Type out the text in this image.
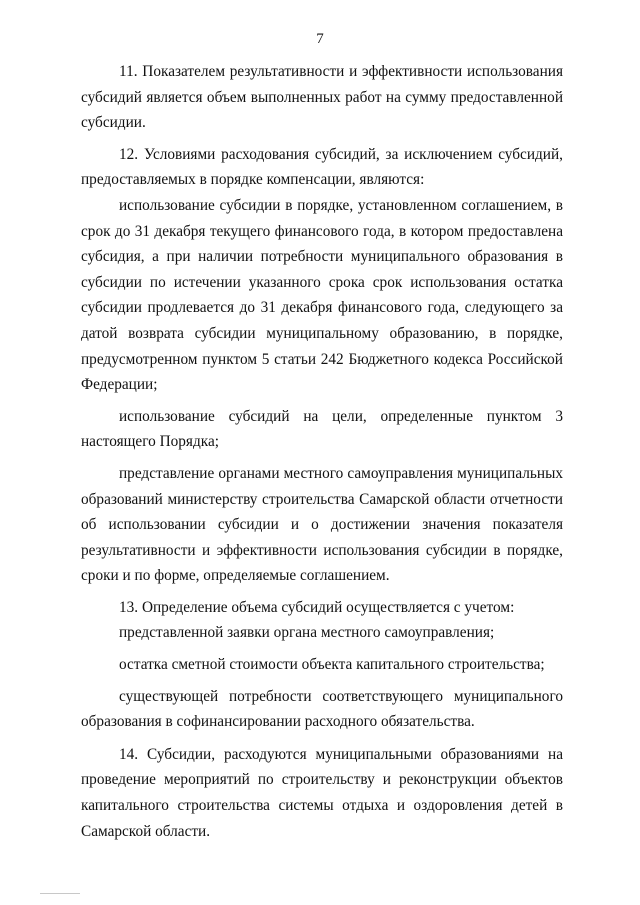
7

11. Показателем результативности и эффективности использования субсидий является объем выполненных работ на сумму предоставленной субсидии.

12. Условиями расходования субсидий, за исключением субсидий, предоставляемых в порядке компенсации, являются:

использование субсидии в порядке, установленном соглашением, в срок до 31 декабря текущего финансового года, в котором предоставлена субсидия, а при наличии потребности муниципального образования в субсидии по истечении указанного срока срок использования остатка субсидии продлевается до 31 декабря финансового года, следующего за датой возврата субсидии муниципальному образованию, в порядке, предусмотренном пунктом 5 статьи 242 Бюджетного кодекса Российской Федерации;

использование субсидий на цели, определенные пунктом 3 настоящего Порядка;

представление органами местного самоуправления муниципальных образований министерству строительства Самарской области отчетности об использовании субсидии и о достижении значения показателя результативности и эффективности использования субсидии в порядке, сроки и по форме, определяемые соглашением.

13. Определение объема субсидий осуществляется с учетом:

представленной заявки органа местного самоуправления;

остатка сметной стоимости объекта капитального строительства;

существующей потребности соответствующего муниципального образования в софинансировании расходного обязательства.

14. Субсидии, расходуются муниципальными образованиями на проведение мероприятий по строительству и реконструкции объектов капитального строительства системы отдыха и оздоровления детей в Самарской области.
